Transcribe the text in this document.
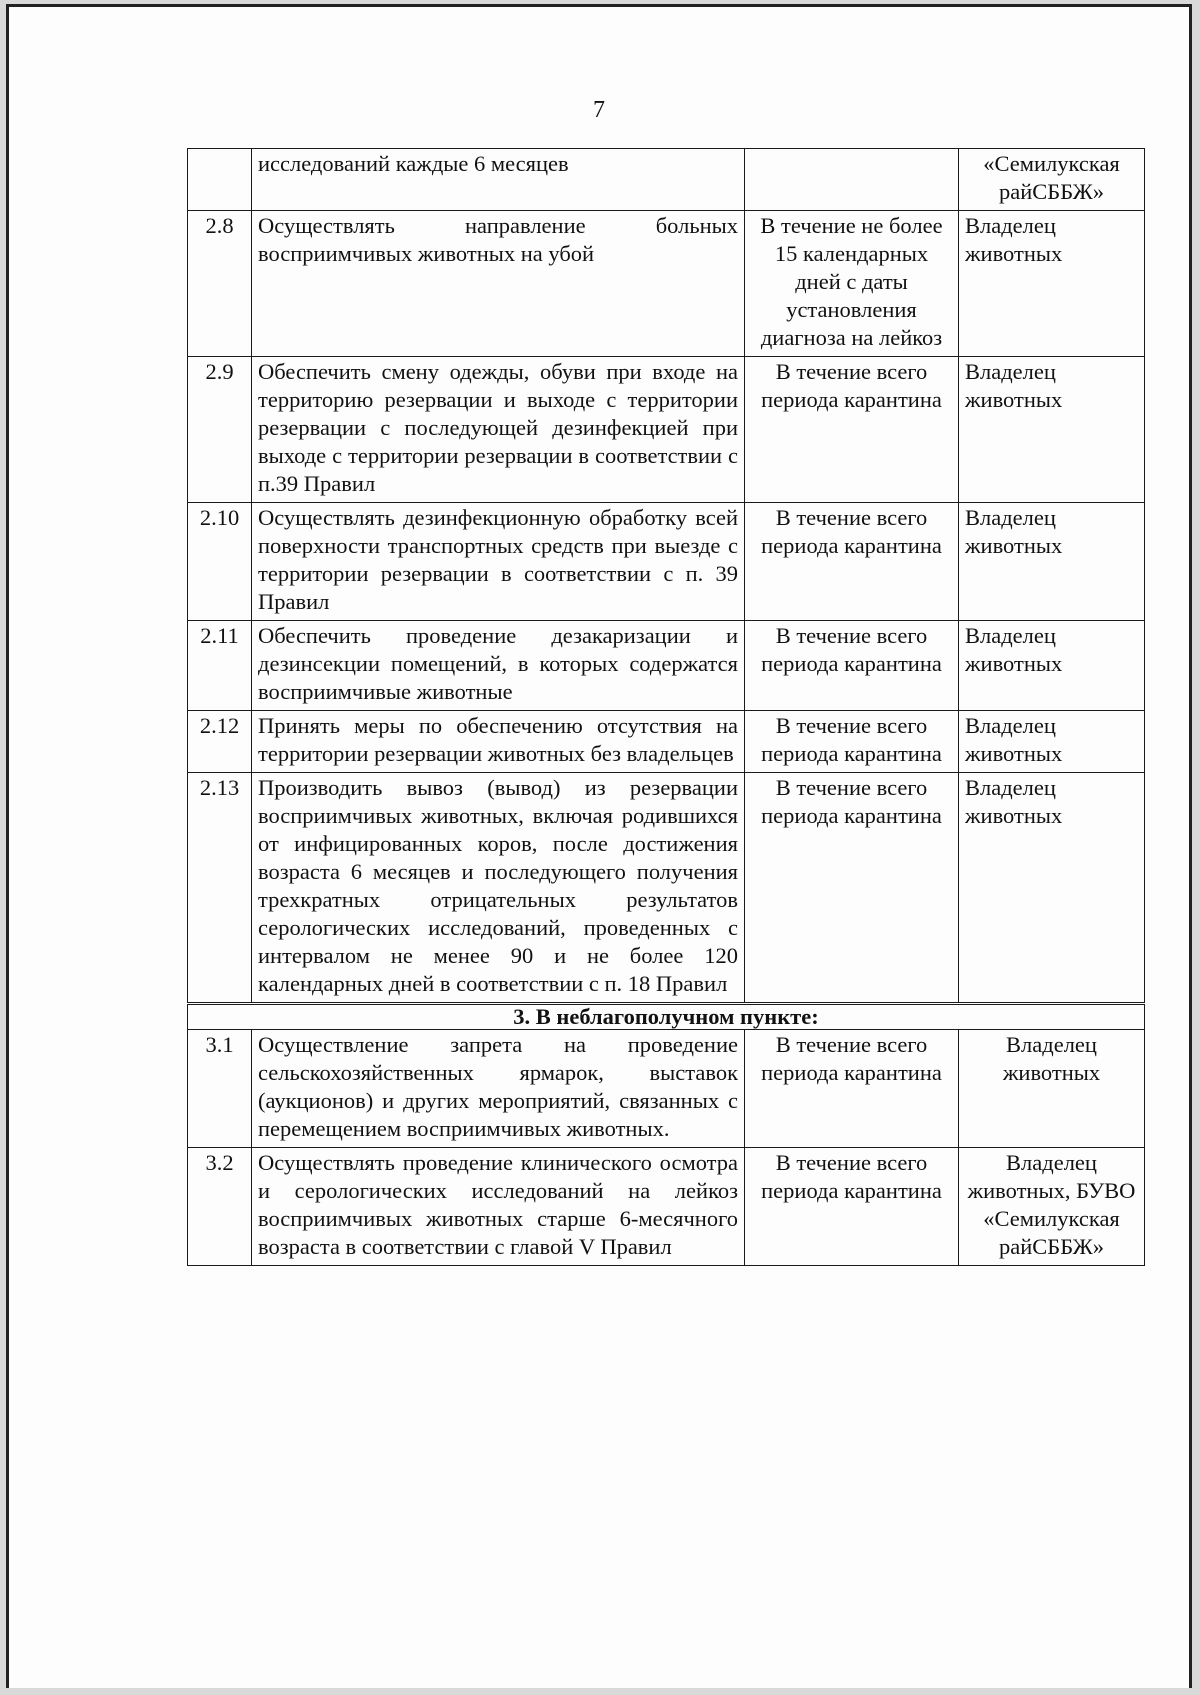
7
	исследований каждые 6 месяцев		«Семилукская райСББЖ»
2.8	Осуществлять направление больных восприимчивых животных на убой	В течение не более 15 календарных дней с даты установления диагноза на лейкоз	Владелец животных
2.9	Обеспечить смену одежды, обуви при входе на территорию резервации и выходе с территории резервации с последующей дезинфекцией при выходе с территории резервации в соответствии с п.39 Правил	В течение всего периода карантина	Владелец животных
2.10	Осуществлять дезинфекционную обработку всей поверхности транспортных средств при выезде с территории резервации в соответствии с п. 39 Правил	В течение всего периода карантина	Владелец животных
2.11	Обеспечить проведение дезакаризации и дезинсекции помещений, в которых содержатся восприимчивые животные	В течение всего периода карантина	Владелец животных
2.12	Принять меры по обеспечению отсутствия на территории резервации животных без владельцев	В течение всего периода карантина	Владелец животных
2.13	Производить вывоз (вывод) из резервации восприимчивых животных, включая родившихся от инфицированных коров, после достижения возраста 6 месяцев и последующего получения трехкратных отрицательных результатов серологических исследований, проведенных с интервалом не менее 90 и не более 120 календарных дней в соответствии с п. 18 Правил	В течение всего периода карантина	Владелец животных
3. В неблагополучном пункте:			
3.1	Осуществление запрета на проведение сельскохозяйственных ярмарок, выставок (аукционов) и других мероприятий, связанных с перемещением восприимчивых животных.	В течение всего периода карантина	Владелец животных
3.2	Осуществлять проведение клинического осмотра и серологических исследований на лейкоз восприимчивых животных старше 6-месячного возраста в соответствии с главой V Правил	В течение всего периода карантина	Владелец животных, БУВО «Семилукская райСББЖ»
